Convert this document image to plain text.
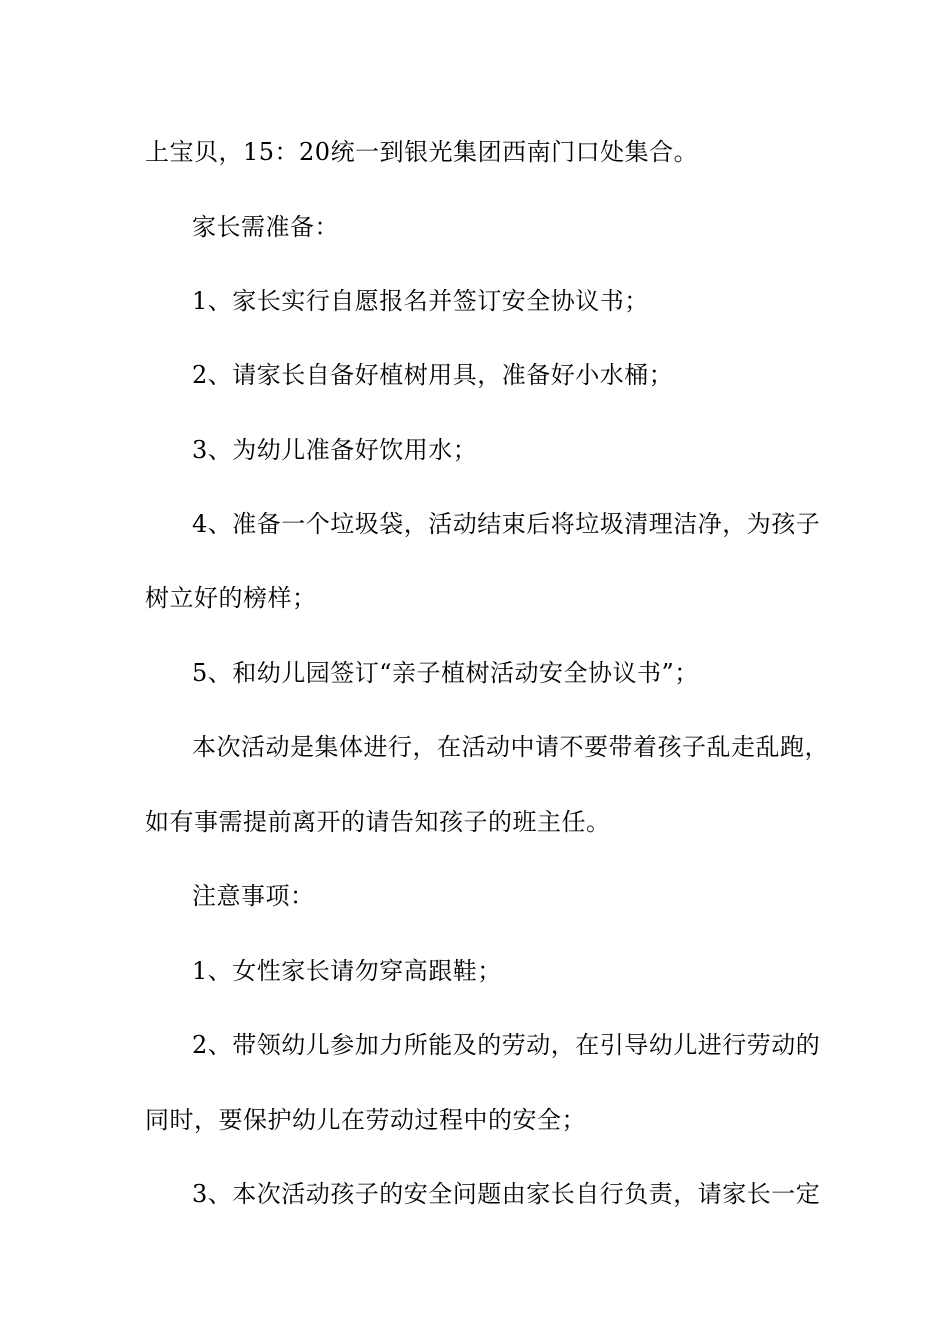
上宝贝，15：20统一到银光集团西南门口处集合。
家长需准备：
1、家长实行自愿报名并签订安全协议书；
2、请家长自备好植树用具，准备好小水桶；
3、为幼儿准备好饮用水；
4、准备一个垃圾袋，活动结束后将垃圾清理洁净，为孩子
树立好的榜样；
5、和幼儿园签订“亲子植树活动安全协议书”；
本次活动是集体进行，在活动中请不要带着孩子乱走乱跑，
如有事需提前离开的请告知孩子的班主任。
注意事项：
1、女性家长请勿穿高跟鞋；
2、带领幼儿参加力所能及的劳动，在引导幼儿进行劳动的
同时，要保护幼儿在劳动过程中的安全；
3、本次活动孩子的安全问题由家长自行负责，请家长一定
